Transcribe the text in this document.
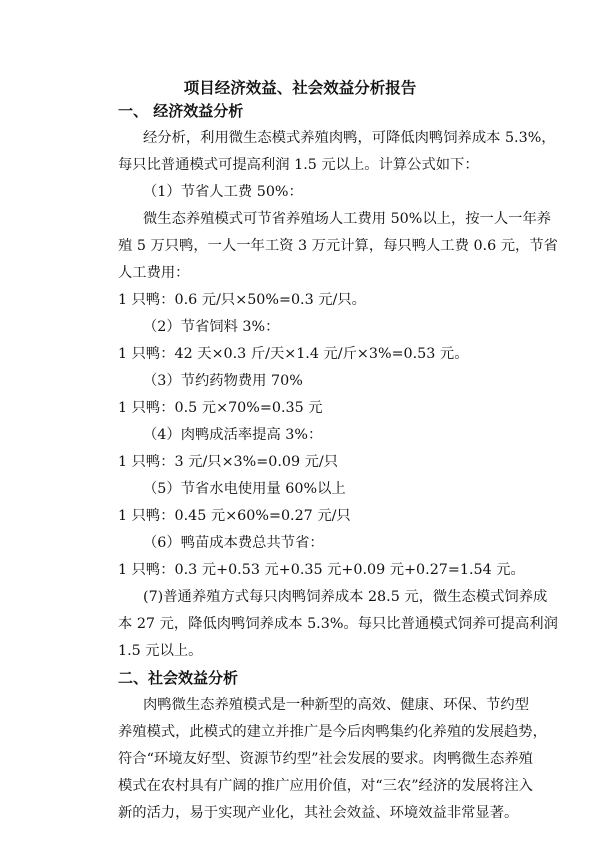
项目经济效益、社会效益分析报告
一、 经济效益分析
经分析，利用微生态模式养殖肉鸭，可降低肉鸭饲养成本 5.3%，
每只比普通模式可提高利润 1.5 元以上。计算公式如下：
（1）节省人工费 50%：
微生态养殖模式可节省养殖场人工费用 50%以上，按一人一年养
殖 5 万只鸭，一人一年工资 3 万元计算，每只鸭人工费 0.6 元，节省
人工费用：
1 只鸭：0.6 元/只×50%=0.3 元/只。
（2）节省饲料 3%：
1 只鸭：42 天×0.3 斤/天×1.4 元/斤×3%=0.53 元。
（3）节约药物费用 70%
1 只鸭：0.5 元×70%=0.35 元
（4）肉鸭成活率提高 3%：
1 只鸭：3 元/只×3%=0.09 元/只
（5）节省水电使用量 60%以上
1 只鸭：0.45 元×60%=0.27 元/只
（6）鸭苗成本费总共节省：
1 只鸭：0.3 元+0.53 元+0.35 元+0.09 元+0.27=1.54 元。
(7)普通养殖方式每只肉鸭饲养成本 28.5 元，微生态模式饲养成
本 27 元，降低肉鸭饲养成本 5.3%。每只比普通模式饲养可提高利润
1.5 元以上。
二、社会效益分析
肉鸭微生态养殖模式是一种新型的高效、健康、环保、节约型
养殖模式，此模式的建立并推广是今后肉鸭集约化养殖的发展趋势，
符合“环境友好型、资源节约型”社会发展的要求。肉鸭微生态养殖
模式在农村具有广阔的推广应用价值，对“三农”经济的发展将注入
新的活力，易于实现产业化，其社会效益、环境效益非常显著。
